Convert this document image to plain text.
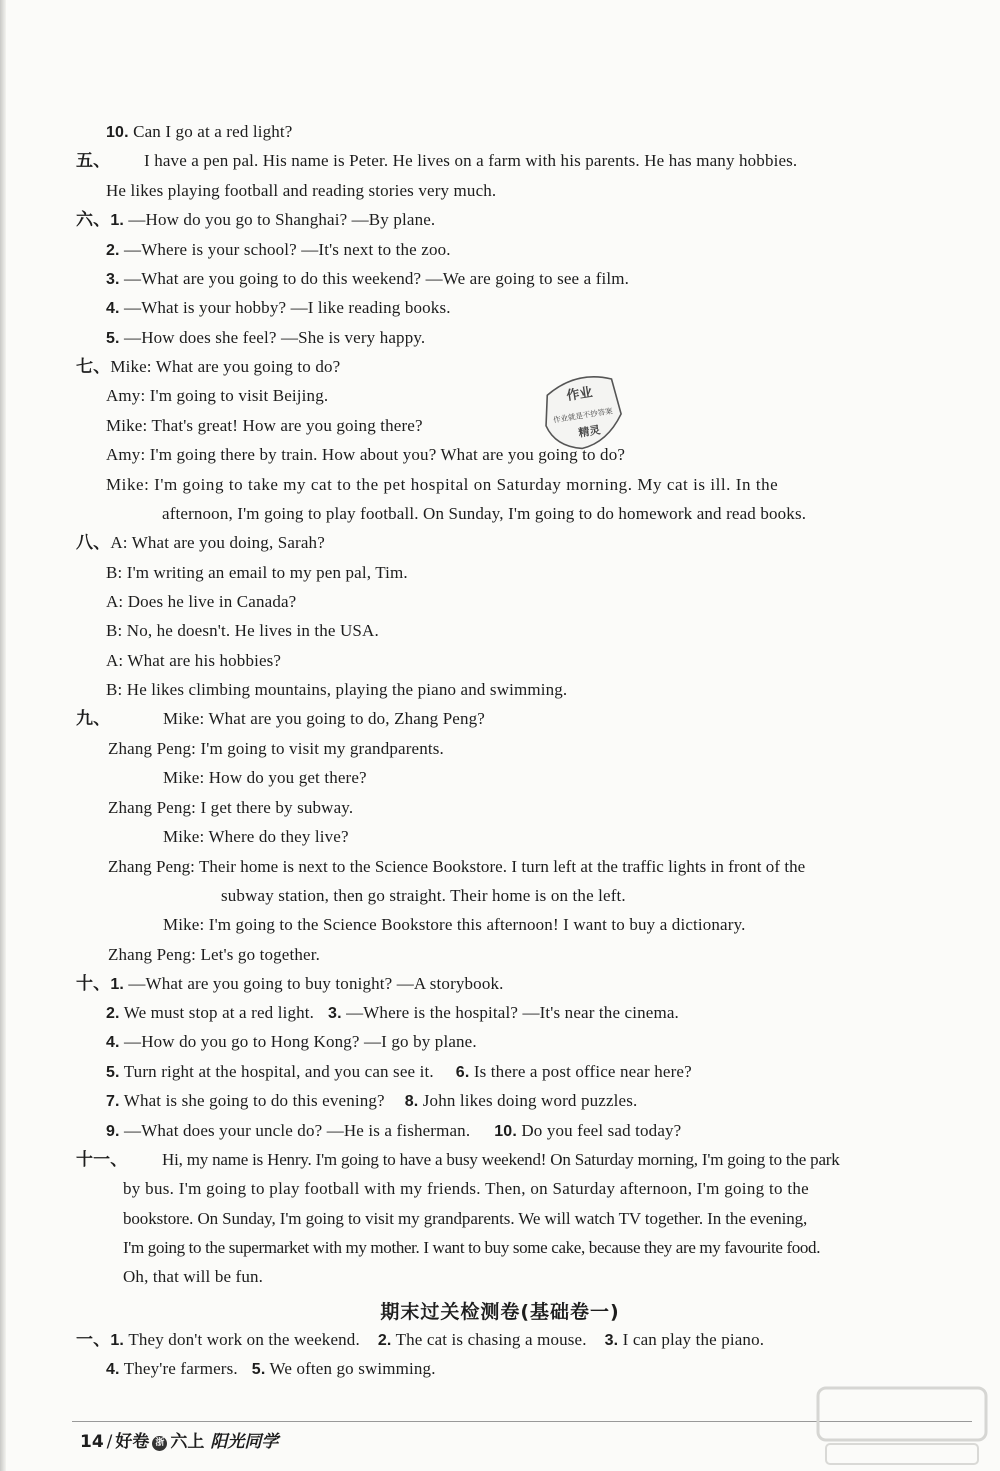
10. Can I go at a red light?
五、 I have a pen pal. His name is Peter. He lives on a farm with his parents. He has many hobbies.
He likes playing football and reading stories very much.
六、1. —How do you go to Shanghai? —By plane.
2. —Where is your school? —It's next to the zoo.
3. —What are you going to do this weekend? —We are going to see a film.
4. —What is your hobby? —I like reading books.
5. —How does she feel? —She is very happy.
七、Mike: What are you going to do?
Amy: I'm going to visit Beijing.
Mike: That's great! How are you going there?
Amy: I'm going there by train. How about you? What are you going to do?
Mike: I'm going to take my cat to the pet hospital on Saturday morning. My cat is ill. In the
afternoon, I'm going to play football. On Sunday, I'm going to do homework and read books.
八、A: What are you doing, Sarah?
B: I'm writing an email to my pen pal, Tim.
A: Does he live in Canada?
B: No, he doesn't. He lives in the USA.
A: What are his hobbies?
B: He likes climbing mountains, playing the piano and swimming.
九、	Mike: What are you going to do, Zhang Peng?
Zhang Peng: I'm going to visit my grandparents.
Mike: How do you get there?
Zhang Peng: I get there by subway.
Mike: Where do they live?
Zhang Peng: Their home is next to the Science Bookstore. I turn left at the traffic lights in front of the
subway station, then go straight. Their home is on the left.
Mike: I'm going to the Science Bookstore this afternoon! I want to buy a dictionary.
Zhang Peng: Let's go together.
十、1. —What are you going to buy tonight? —A storybook.
2. We must stop at a red light. 3. —Where is the hospital? —It's near the cinema.
4. —How do you go to Hong Kong? —I go by plane.
5. Turn right at the hospital, and you can see it. 6. Is there a post office near here?
7. What is she going to do this evening? 8. John likes doing word puzzles.
9. —What does your uncle do? —He is a fisherman. 10. Do you feel sad today?
十一、 Hi, my name is Henry. I'm going to have a busy weekend! On Saturday morning, I'm going to the park
by bus. I'm going to play football with my friends. Then, on Saturday afternoon, I'm going to the
bookstore. On Sunday, I'm going to visit my grandparents. We will watch TV together. In the evening,
I'm going to the supermarket with my mother. I want to buy some cake, because they are my favourite food.
Oh, that will be fun.
期末过关检测卷(基础卷一)
一、1. They don't work on the weekend. 2. The cat is chasing a mouse. 3. I can play the piano.
4. They're farmers. 5. We often go swimming.
作业
作业就是不抄答案
精灵
14 / 好卷 浙 六上 阳光同学
